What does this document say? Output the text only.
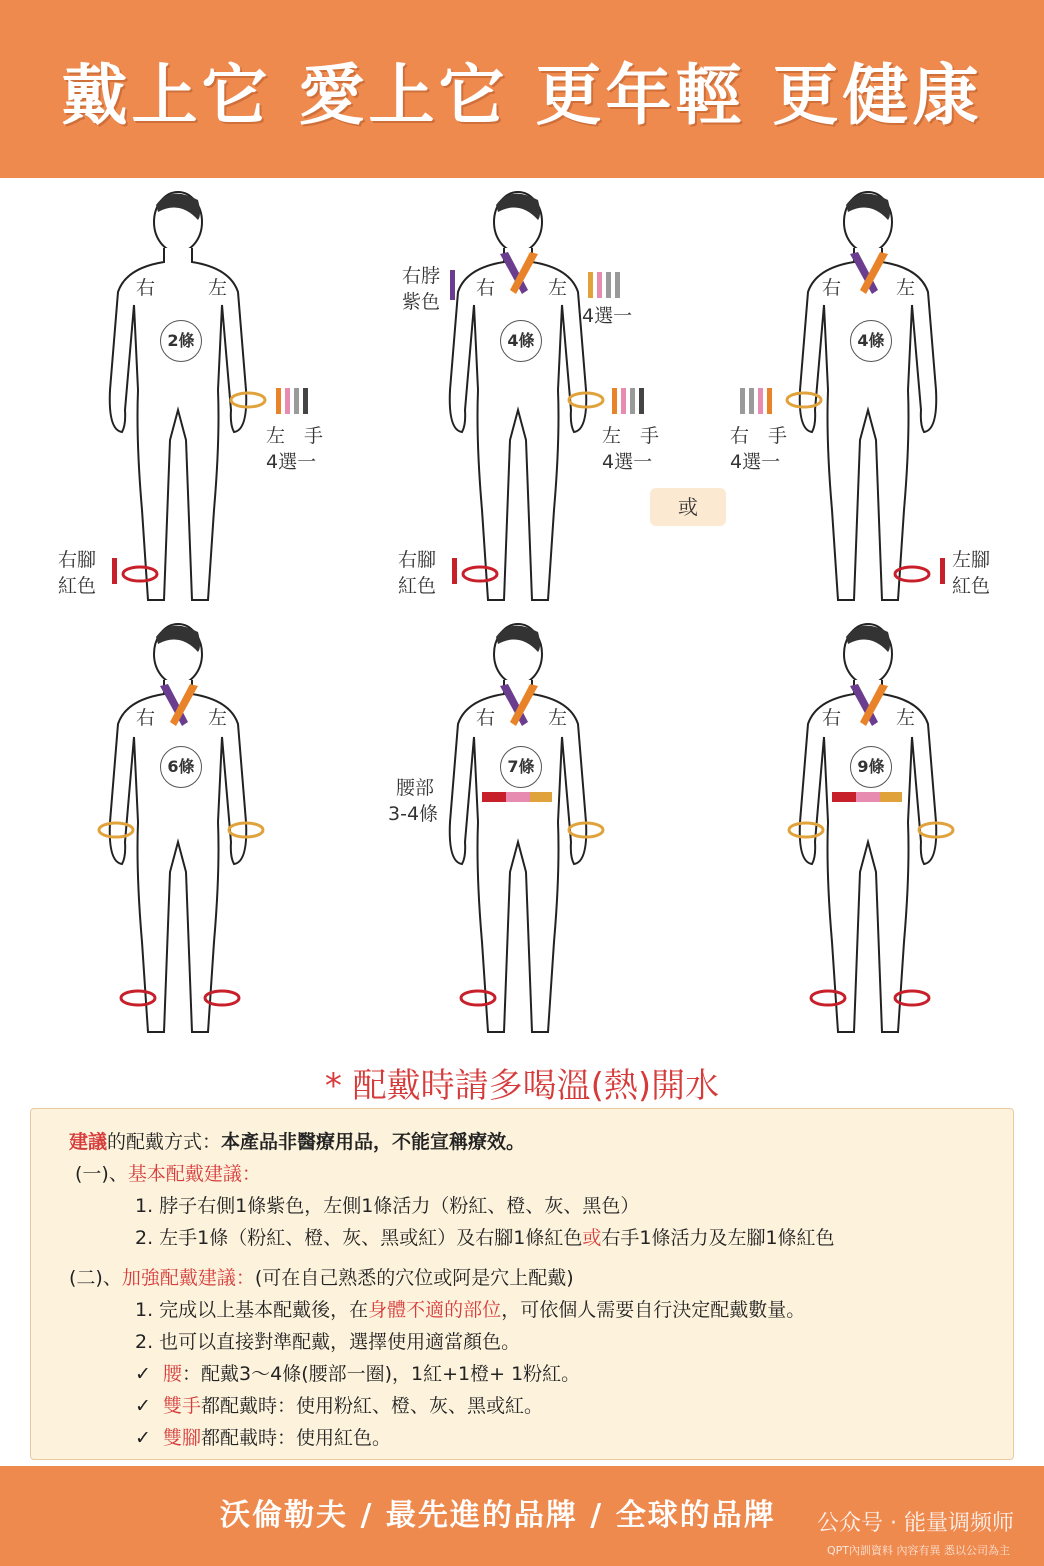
戴上它 愛上它 更年輕 更健康
右	左
2條
左　手
4選一
右腳
紅色
右	左
右脖
紫色
4選一
4條
左　手
4選一
右腳
紅色
或
右	左
4條
右　手
4選一
左腳
紅色
右	左
6條
右	左
7條
腰部
3-4條
右	左
9條
* 配戴時請多喝溫(熱)開水
建議的配戴方式：本產品非醫療用品，不能宣稱療效。
(一)、基本配戴建議：
1. 脖子右側1條紫色，左側1條活力（粉紅、橙、灰、黑色）
2. 左手1條（粉紅、橙、灰、黑或紅）及右腳1條紅色或右手1條活力及左腳1條紅色
(二)、加強配戴建議：(可在自己熟悉的穴位或阿是穴上配戴)
1. 完成以上基本配戴後，在身體不適的部位，可依個人需要自行決定配戴數量。
2. 也可以直接對準配戴，選擇使用適當顏色。
✓ 腰：配戴3～4條(腰部一圈)，1紅+1橙+ 1粉紅。
✓ 雙手都配戴時：使用粉紅、橙、灰、黑或紅。
✓ 雙腳都配載時：使用紅色。
沃倫勒夫 / 最先進的品牌 / 全球的品牌 公众号 · 能量调频师
QPT內訓資料 內容有異 悉以公司為主
